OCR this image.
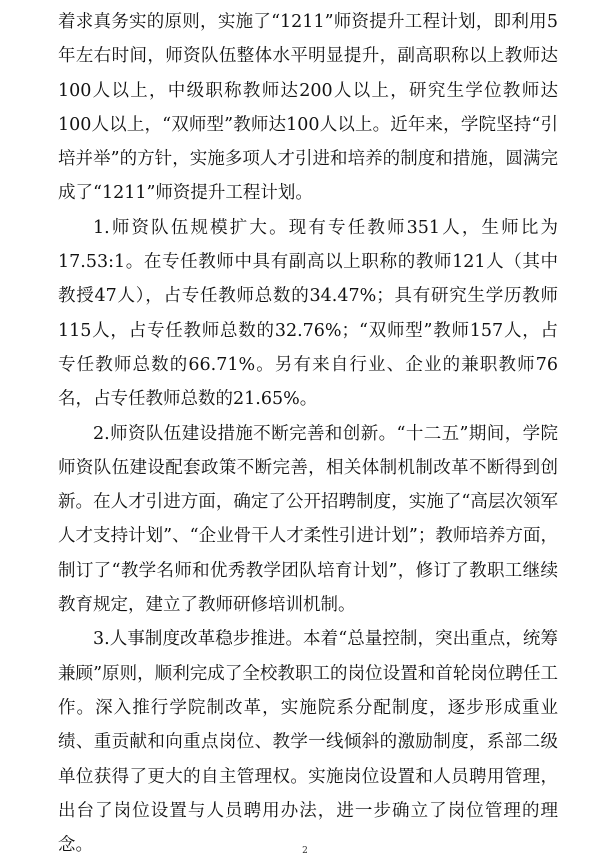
着求真务实的原则，实施了“1211”师资提升工程计划，即利用5年左右时间，师资队伍整体水平明显提升，副高职称以上教师达100人以上，中级职称教师达200人以上，研究生学位教师达100人以上，“双师型”教师达100人以上。近年来，学院坚持“引培并举”的方针，实施多项人才引进和培养的制度和措施，圆满完成了“1211”师资提升工程计划。

1.师资队伍规模扩大。现有专任教师351人，生师比为17.53:1。在专任教师中具有副高以上职称的教师121人（其中教授47人），占专任教师总数的34.47%；具有研究生学历教师115人，占专任教师总数的32.76%；“双师型”教师157人，占专任教师总数的66.71%。另有来自行业、企业的兼职教师76名，占专任教师总数的21.65%。

2.师资队伍建设措施不断完善和创新。“十二五”期间，学院师资队伍建设配套政策不断完善，相关体制机制改革不断得到创新。在人才引进方面，确定了公开招聘制度，实施了“高层次领军人才支持计划”、“企业骨干人才柔性引进计划”；教师培养方面，制订了“教学名师和优秀教学团队培育计划”，修订了教职工继续教育规定，建立了教师研修培训机制。

3.人事制度改革稳步推进。本着“总量控制，突出重点，统筹兼顾”原则，顺利完成了全校教职工的岗位设置和首轮岗位聘任工作。深入推行学院制改革，实施院系分配制度，逐步形成重业绩、重贡献和向重点岗位、教学一线倾斜的激励制度，系部二级单位获得了更大的自主管理权。实施岗位设置和人员聘用管理，出台了岗位设置与人员聘用办法，进一步确立了岗位管理的理念。	2
